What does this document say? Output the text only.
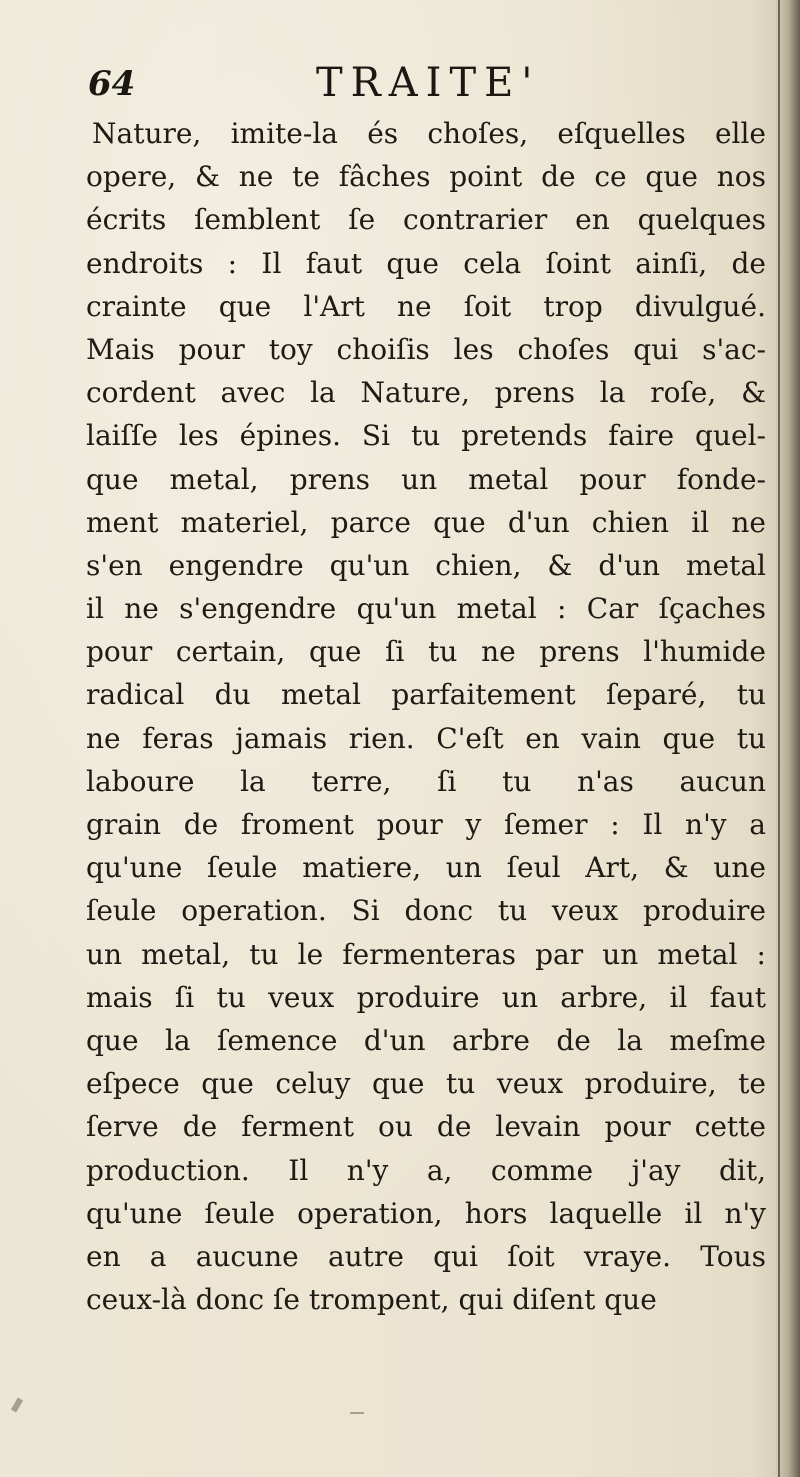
64	TRAITE'
Nature, imite-la és choſes, eſquelles elle
opere, & ne te fâches point de ce que nos
écrits ſemblent ſe contrarier en quelques
endroits : Il faut que cela ſoint ainſi, de
crainte que l'Art ne ſoit trop divulgué.
Mais pour toy choiſis les choſes qui s'ac-
cordent avec la Nature, prens la roſe, &
laiſſe les épines. Si tu pretends faire quel-
que metal, prens un metal pour fonde-
ment materiel, parce que d'un chien il ne
s'en engendre qu'un chien, & d'un metal
il ne s'engendre qu'un metal : Car ſçaches
pour certain, que ſi tu ne prens l'humide
radical du metal parfaitement ſeparé, tu
ne feras jamais rien. C'eſt en vain que tu
laboure la terre, ſi tu n'as aucun
grain de froment pour y ſemer : Il n'y a
qu'une ſeule matiere, un ſeul Art, & une
ſeule operation. Si donc tu veux produire
un metal, tu le fermenteras par un metal :
mais ſi tu veux produire un arbre, il faut
que la ſemence d'un arbre de la meſme
eſpece que celuy que tu veux produire, te
ſerve de ferment ou de levain pour cette
production. Il n'y a, comme j'ay dit,
qu'une ſeule operation, hors laquelle il n'y
en a aucune autre qui ſoit vraye. Tous
ceux-là donc ſe trompent, qui diſent que
